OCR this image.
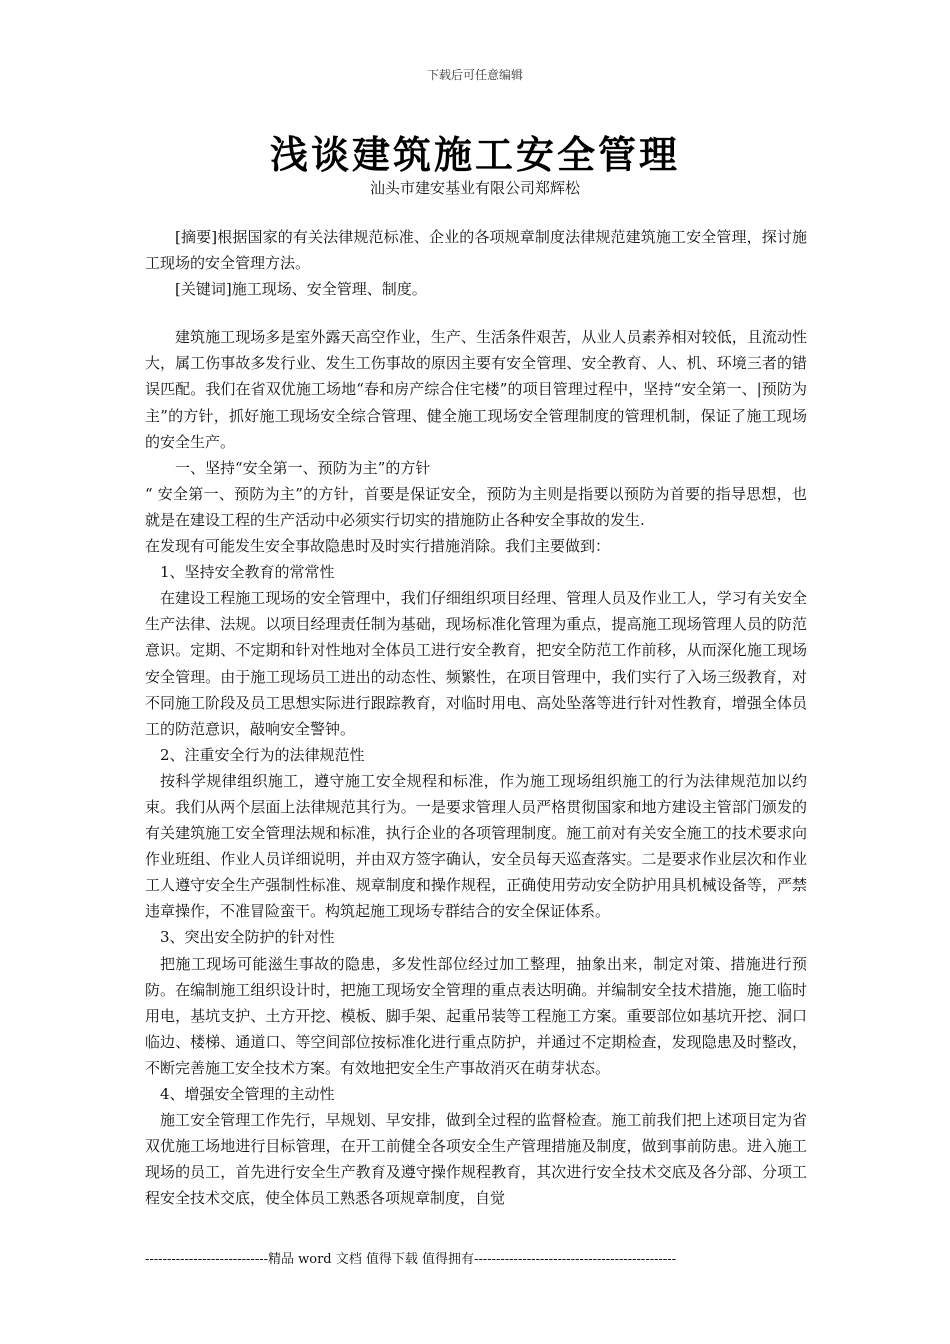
下载后可任意编辑
浅谈建筑施工安全管理
汕头市建安基业有限公司郑辉松

[摘要]根据国家的有关法律规范标准、企业的各项规章制度法律规范建筑施工安全管理，探讨施工现场的安全管理方法。

[关键词]施工现场、安全管理、制度。

建筑施工现场多是室外露天高空作业，生产、生活条件艰苦，从业人员素养相对较低，且流动性大，属工伤事故多发行业、发生工伤事故的原因主要有安全管理、安全教育、人、机、环境三者的错误匹配。我们在省双优施工场地“春和房产综合住宅楼”的项目管理过程中，坚持“安全第一、|预防为主”的方针，抓好施工现场安全综合管理、健全施工现场安全管理制度的管理机制，保证了施工现场的安全生产。

一、坚持“安全第一、预防为主”的方针

“ 安全第一、预防为主”的方针，首要是保证安全，预防为主则是指要以预防为首要的指导思想，也就是在建设工程的生产活动中必须实行切实的措施防止各种安全事故的发生.

在发现有可能发生安全事故隐患时及时实行措施消除。我们主要做到：

1、坚持安全教育的常常性

在建设工程施工现场的安全管理中，我们仔细组织项目经理、管理人员及作业工人，学习有关安全生产法律、法规。以项目经理责任制为基础，现场标准化管理为重点，提高施工现场管理人员的防范意识。定期、不定期和针对性地对全体员工进行安全教育，把安全防范工作前移，从而深化施工现场安全管理。由于施工现场员工进出的动态性、频繁性，在项目管理中，我们实行了入场三级教育，对不同施工阶段及员工思想实际进行跟踪教育，对临时用电、高处坠落等进行针对性教育，增强全体员工的防范意识，敲响安全警钟。

2、注重安全行为的法律规范性

按科学规律组织施工，遵守施工安全规程和标准，作为施工现场组织施工的行为法律规范加以约束。我们从两个层面上法律规范其行为。一是要求管理人员严格贯彻国家和地方建设主管部门颁发的有关建筑施工安全管理法规和标准，执行企业的各项管理制度。施工前对有关安全施工的技术要求向作业班组、作业人员详细说明，并由双方签字确认，安全员每天巡查落实。二是要求作业层次和作业工人遵守安全生产强制性标准、规章制度和操作规程，正确使用劳动安全防护用具机械设备等，严禁违章操作，不准冒险蛮干。构筑起施工现场专群结合的安全保证体系。

3、突出安全防护的针对性

把施工现场可能滋生事故的隐患，多发性部位经过加工整理，抽象出来，制定对策、措施进行预防。在编制施工组织设计时，把施工现场安全管理的重点表达明确。并编制安全技术措施，施工临时用电，基坑支护、土方开挖、模板、脚手架、起重吊装等工程施工方案。重要部位如基坑开挖、洞口临边、楼梯、通道口、等空间部位按标准化进行重点防护，并通过不定期检查，发现隐患及时整改，不断完善施工安全技术方案。有效地把安全生产事故消灭在萌芽状态。

4、增强安全管理的主动性

施工安全管理工作先行，早规划、早安排，做到全过程的监督检查。施工前我们把上述项目定为省双优施工场地进行目标管理，在开工前健全各项安全生产管理措施及制度，做到事前防患。进入施工现场的员工，首先进行安全生产教育及遵守操作规程教育，其次进行安全技术交底及各分部、分项工程安全技术交底，使全体员工熟悉各项规章制度，自觉

----------------------------精品 word 文档 值得下载 值得拥有----------------------------------------------
